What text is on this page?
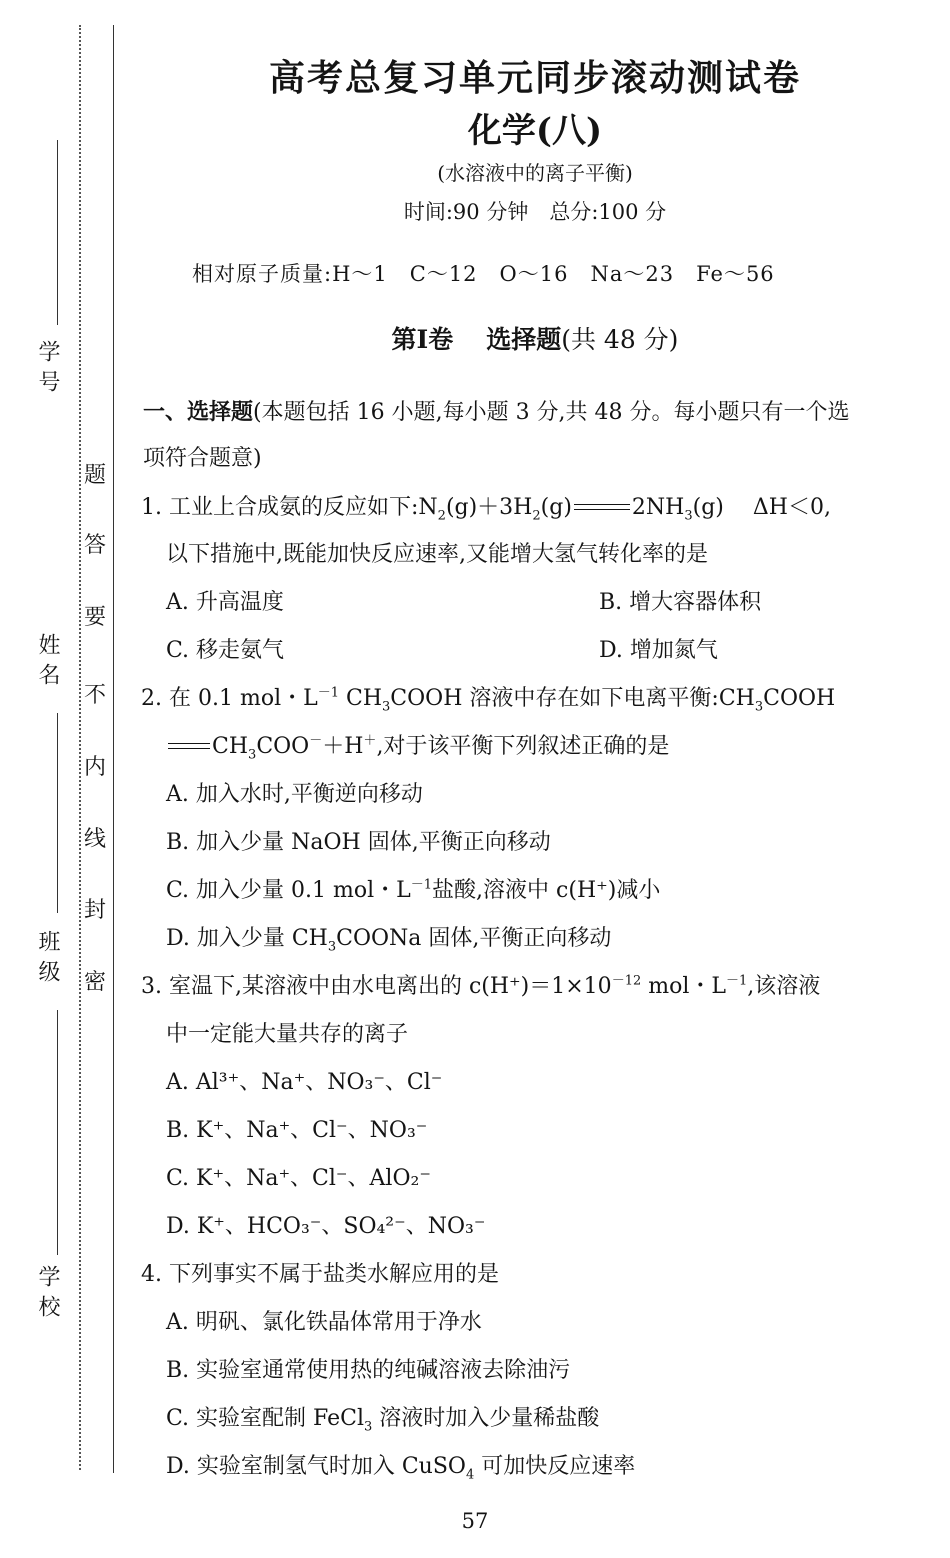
学号
姓名
班级
学校
题
答
要
不
内
线
封
密
高考总复习单元同步滚动测试卷
化学(八)
(水溶液中的离子平衡)
时间:90 分钟　总分:100 分
相对原子质量:H～1　C～12　O～16　Na～23　Fe～56
第Ⅰ卷　 选择题(共 48 分)
一、选择题(本题包括 16 小题,每小题 3 分,共 48 分。每小题只有一个选
项符合题意)
1. 工业上合成氨的反应如下$:N_2(g)+3H_2(g)$	$2NH_3(g)$　 ΔH＜0,
以下措施中,既能加快反应速率,又能增大氢气转化率的是
A. 升高温度	B. 增大容器体积
C. 移走氨气	D. 增加氮气
2. 在 0.1 mol・$L^{-1}$ $CH_3COOH$ 溶液中存在如下电离平衡$:CH_3COOH$
$CH_3COO^-+H^+$,对于该平衡下列叙述正确的是
A. 加入水时,平衡逆向移动
B. 加入少量 NaOH 固体,平衡正向移动
C. 加入少量 0.1 mol・$L^{-1}$盐酸,溶液中 c(H⁺)减小
D. 加入少量 $CH_3COONa$ 固体,平衡正向移动
3. 室温下,某溶液中由水电离出的 $c(H^+)=1\times 10^{-12}$ mol・$L^{-1}$,该溶液
中一定能大量共存的离子
A. Al³⁺、Na⁺、NO₃⁻、Cl⁻
B. K⁺、Na⁺、Cl⁻、NO₃⁻
C. K⁺、Na⁺、Cl⁻、AlO₂⁻
D. K⁺、HCO₃⁻、SO₄²⁻、NO₃⁻
4. 下列事实不属于盐类水解应用的是
A. 明矾、氯化铁晶体常用于净水
B. 实验室通常使用热的纯碱溶液去除油污
C. 实验室配制 FeCl$_3$ 溶液时加入少量稀盐酸
D. 实验室制氢气时加入 CuSO$_4$ 可加快反应速率
57
